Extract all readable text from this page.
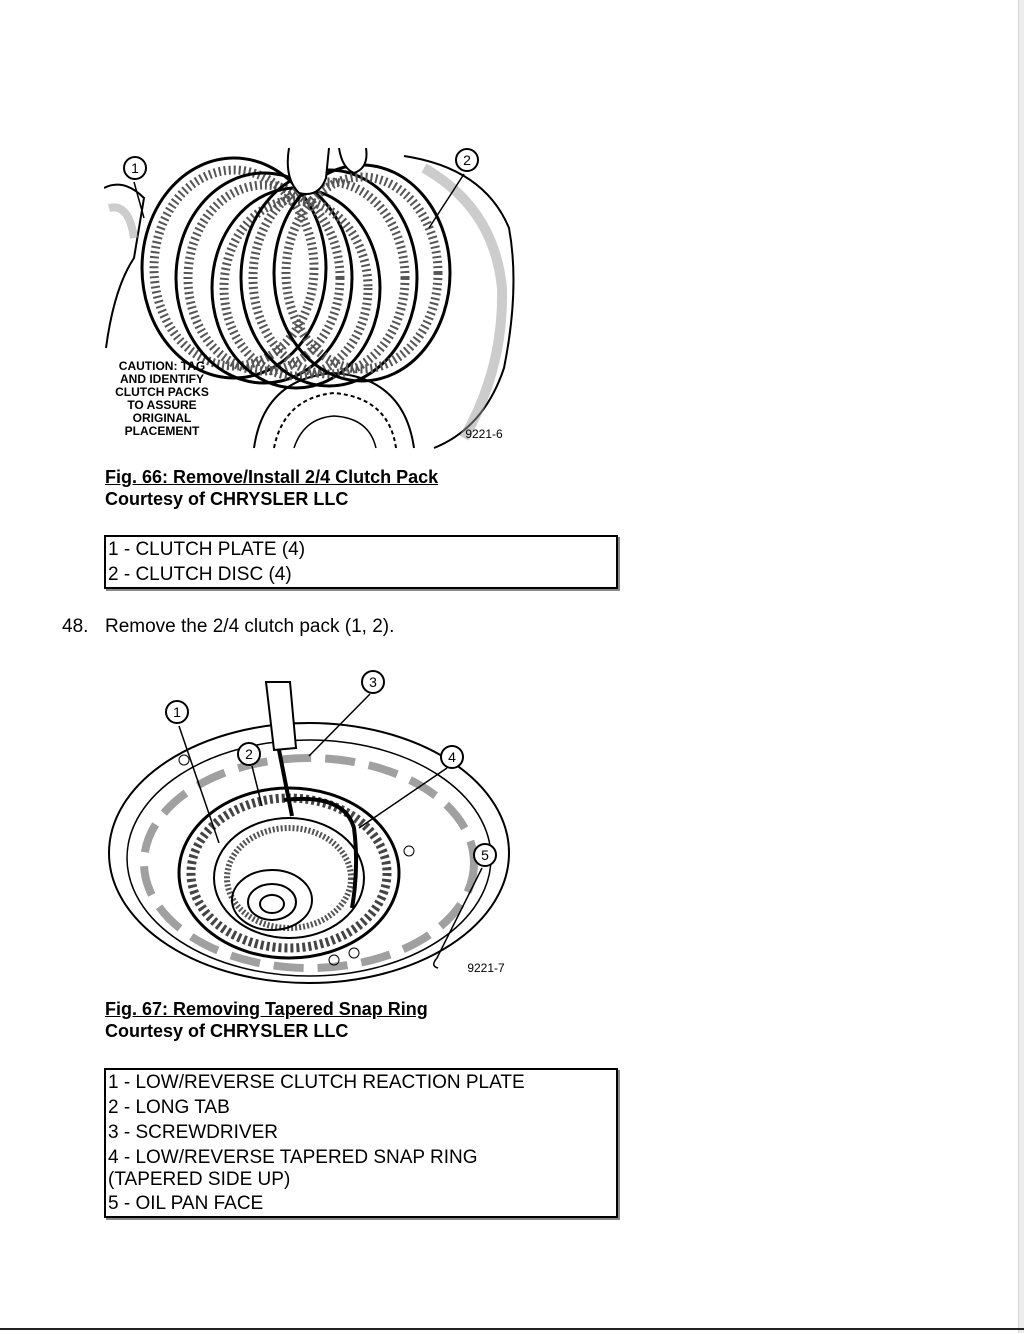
CAUTION: TAG
AND IDENTIFY
CLUTCH PACKS
TO ASSURE
ORIGINAL
PLACEMENT
1	2
9221-6
Fig. 66: Remove/Install 2/4 Clutch Pack
Courtesy of CHRYSLER LLC
1 - CLUTCH PLATE (4)
2 - CLUTCH DISC (4)
48. Remove the 2/4 clutch pack (1, 2).
1
2
3
4
5
9221-7
Fig. 67: Removing Tapered Snap Ring
Courtesy of CHRYSLER LLC
1 - LOW/REVERSE CLUTCH REACTION PLATE
2 - LONG TAB
3 - SCREWDRIVER
4 - LOW/REVERSE TAPERED SNAP RING
(TAPERED SIDE UP)
5 - OIL PAN FACE
